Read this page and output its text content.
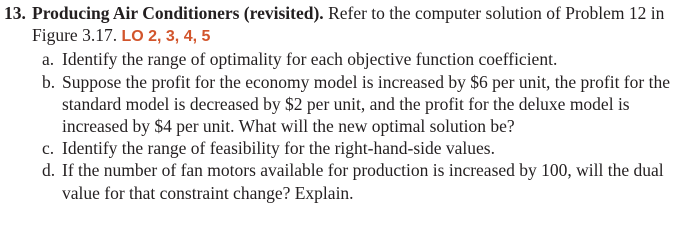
13. Producing Air Conditioners (revisited). Refer to the computer solution of Problem 12 in Figure 3.17. LO 2, 3, 4, 5
a. Identify the range of optimality for each objective function coefficient.
b. Suppose the profit for the economy model is increased by $6 per unit, the profit for the standard model is decreased by $2 per unit, and the profit for the deluxe model is increased by $4 per unit. What will the new optimal solution be?
c. Identify the range of feasibility for the right-hand-side values.
d. If the number of fan motors available for production is increased by 100, will the dual value for that constraint change? Explain.
